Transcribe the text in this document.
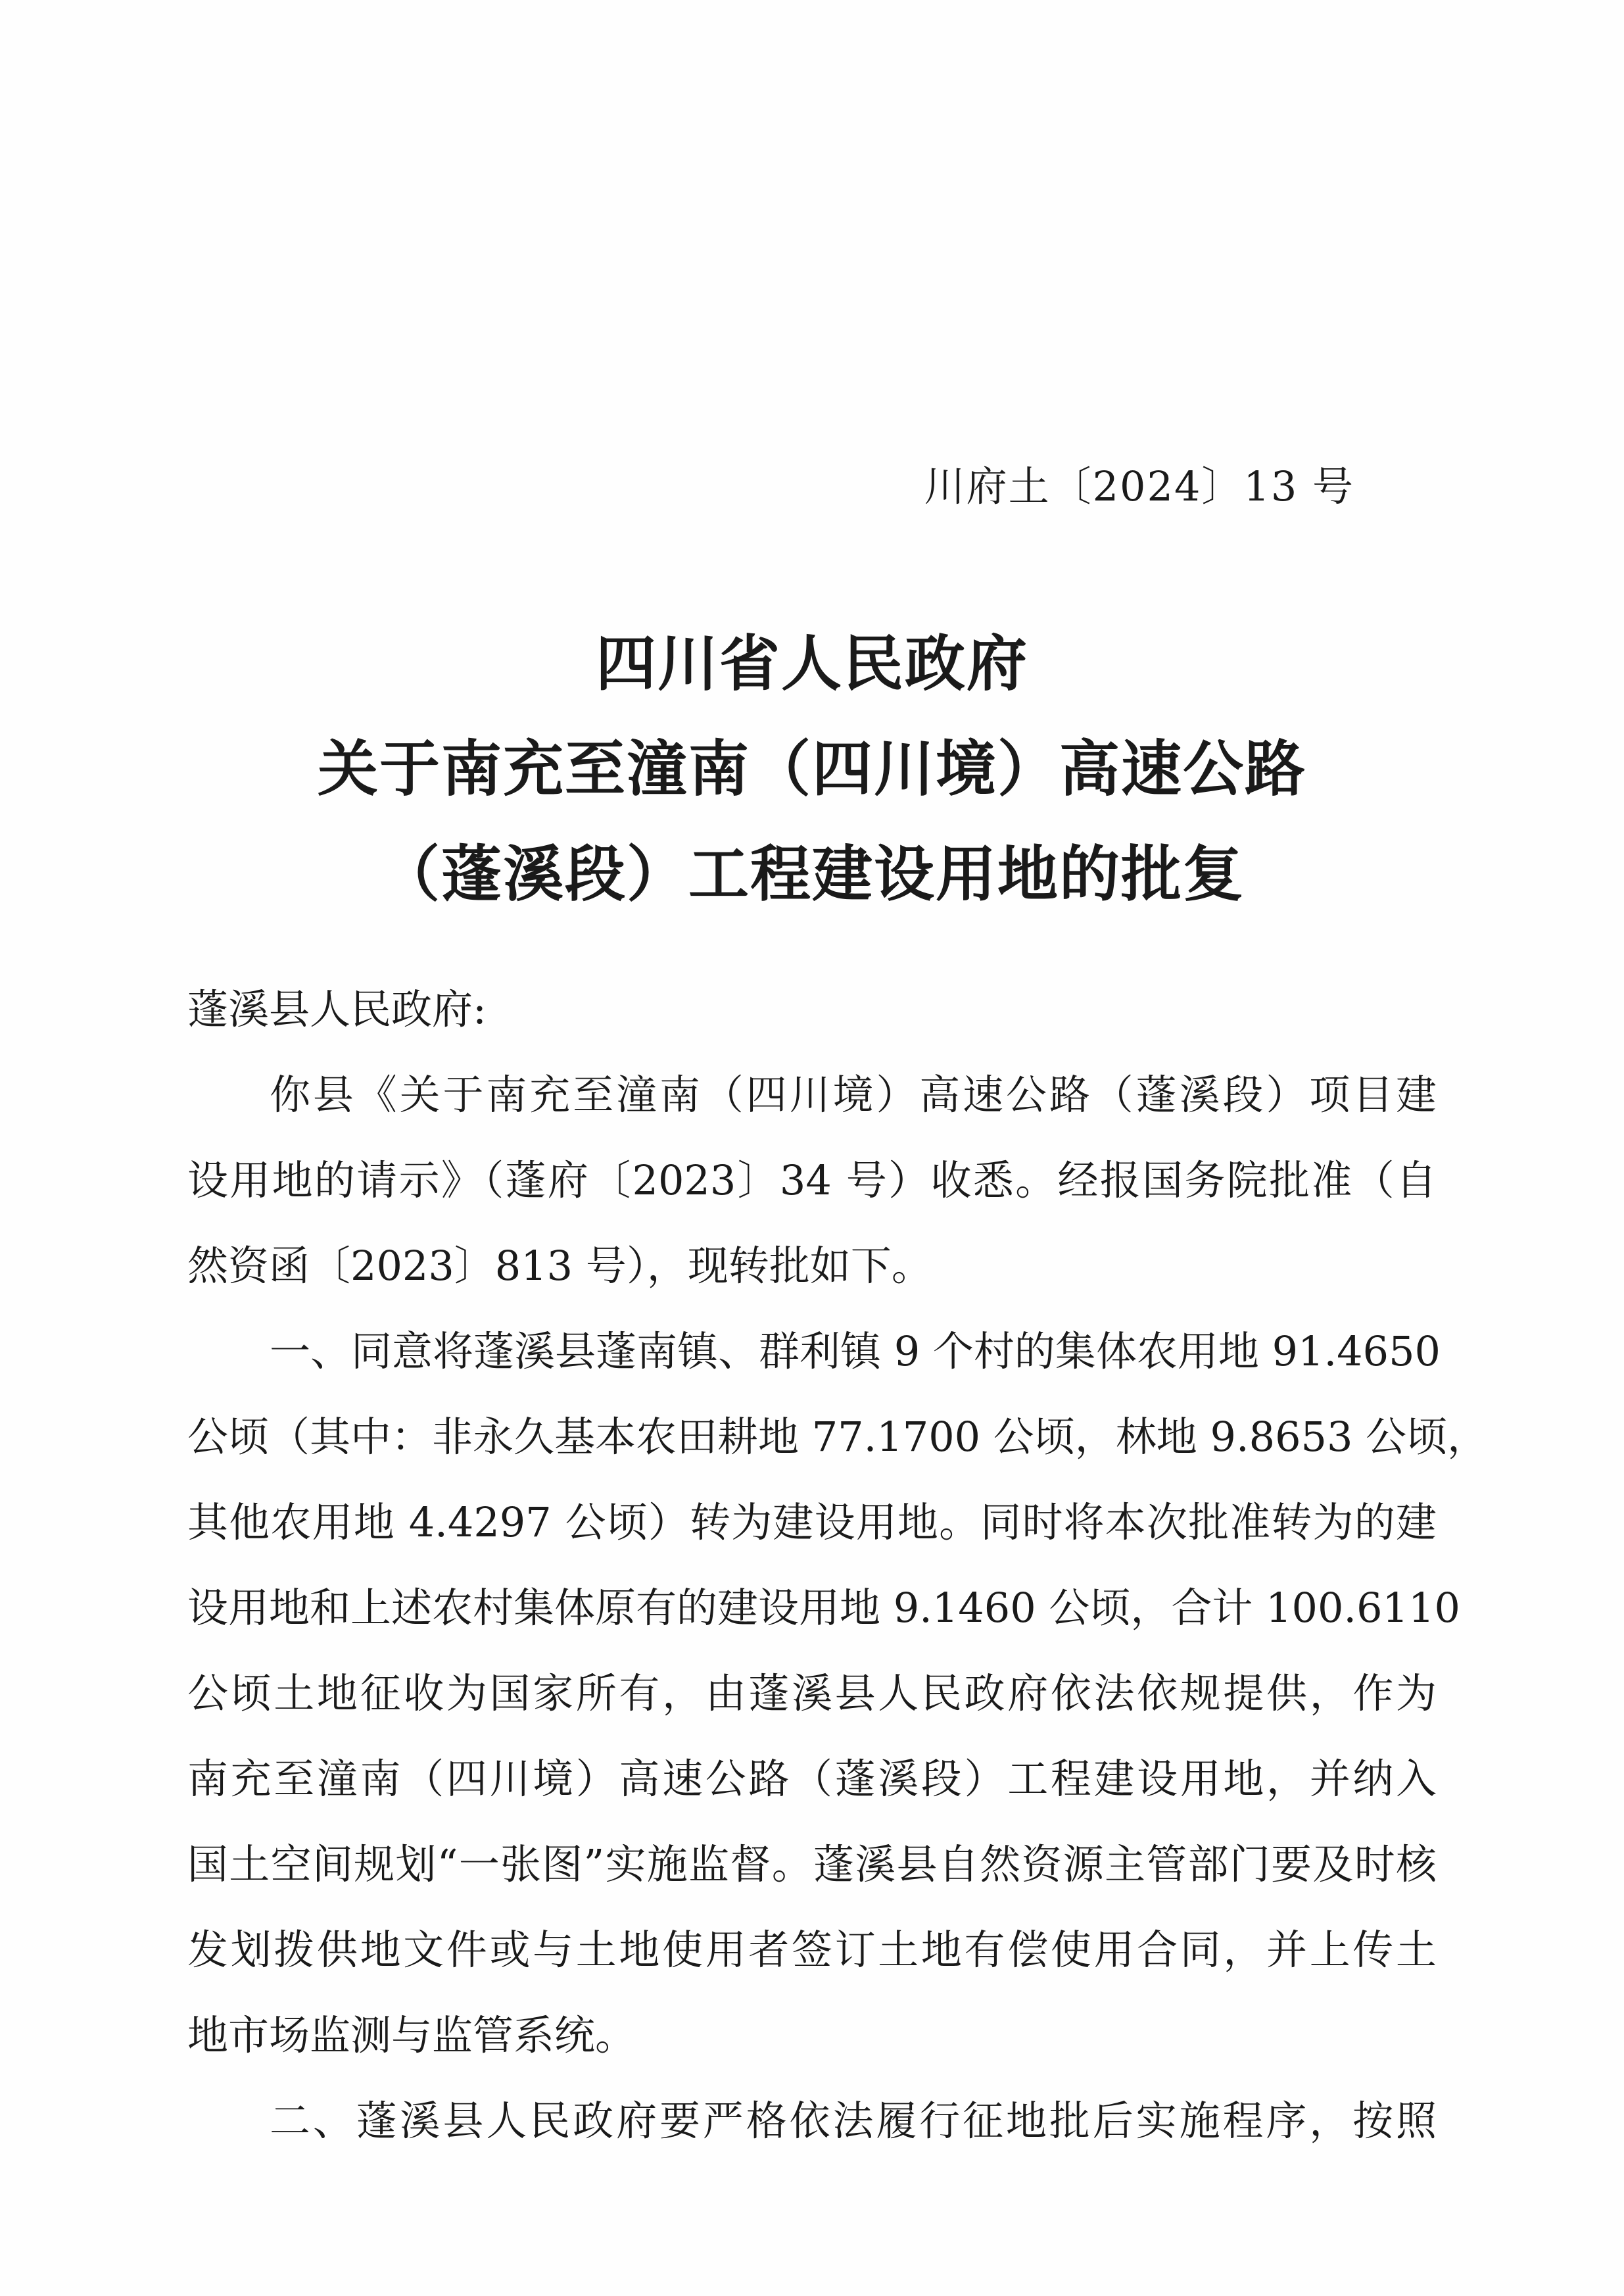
川府土〔2024〕13 号
四川省人民政府
关于南充至潼南（四川境）高速公路
（蓬溪段）工程建设用地的批复
蓬溪县人民政府:
你县《关于南充至潼南（四川境）高速公路（蓬溪段）项目建
设用地的请示》（蓬府〔2023〕34 号）收悉。经报国务院批准（自
然资函〔2023〕813 号），现转批如下。
一、同意将蓬溪县蓬南镇、群利镇 9 个村的集体农用地 91.4650
公顷（其中：非永久基本农田耕地 77.1700 公顷，林地 9.8653 公顷，
其他农用地 4.4297 公顷）转为建设用地。同时将本次批准转为的建
设用地和上述农村集体原有的建设用地 9.1460 公顷，合计 100.6110
公顷土地征收为国家所有，由蓬溪县人民政府依法依规提供，作为
南充至潼南（四川境）高速公路（蓬溪段）工程建设用地，并纳入
国土空间规划“一张图”实施监督。蓬溪县自然资源主管部门要及时核
发划拨供地文件或与土地使用者签订土地有偿使用合同，并上传土
地市场监测与监管系统。
二、蓬溪县人民政府要严格依法履行征地批后实施程序，按照
